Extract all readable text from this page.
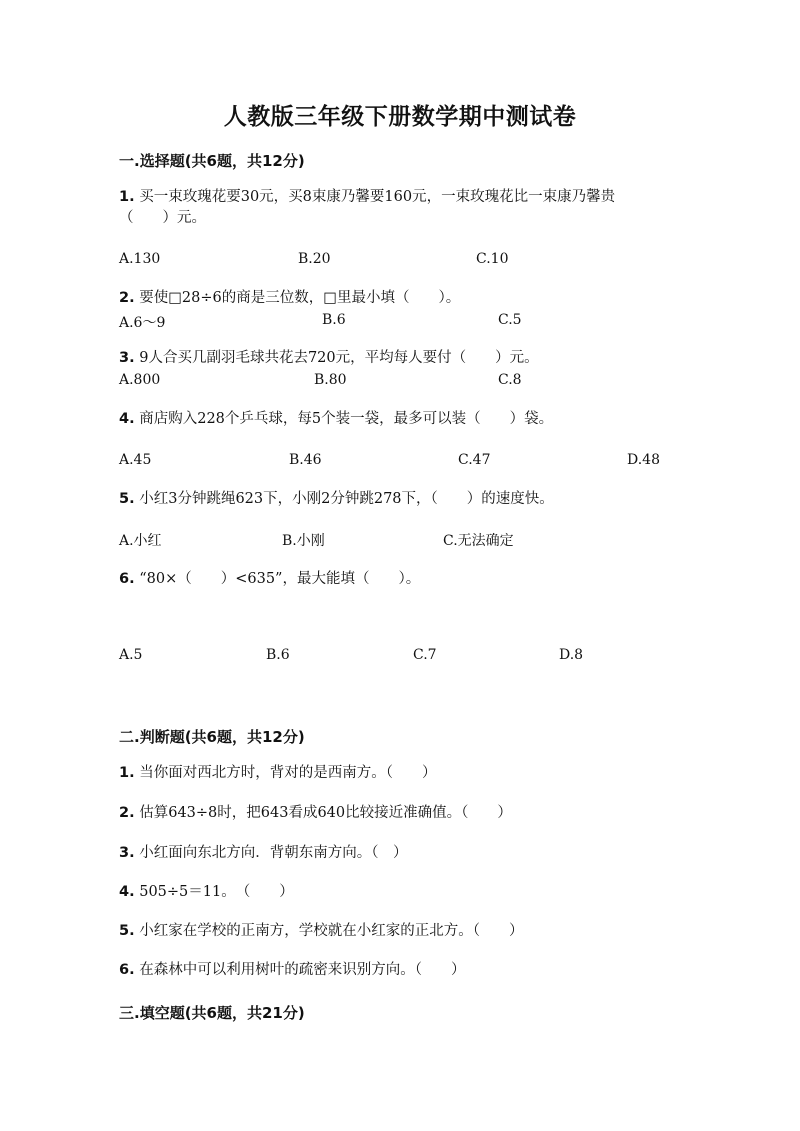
人教版三年级下册数学期中测试卷
一.选择题(共6题，共12分)
1. 买一束玫瑰花要30元，买8束康乃馨要160元，一束玫瑰花比一束康乃馨贵
（　　）元。
A.130	B.20	C.10
2. 要使□28÷6的商是三位数，□里最小填（　　）。
A.6～9	B.6	C.5
3. 9人合买几副羽毛球共花去720元，平均每人要付（　　）元。
A.800	B.80	C.8
4. 商店购入228个乒乓球，每5个装一袋，最多可以装（　　）袋。
A.45	B.46	C.47	D.48
5. 小红3分钟跳绳623下，小刚2分钟跳278下，（　　）的速度快。
A.小红	B.小刚	C.无法确定
6. “80×（　　）<635”，最大能填（　　）。
A.5	B.6	C.7	D.8
二.判断题(共6题，共12分)
1. 当你面对西北方时，背对的是西南方。（　　）
2. 估算643÷8时，把643看成640比较接近准确值。（　　）
3. 小红面向东北方向．背朝东南方向。（　）
4. 505÷5＝11。　（　　）
5. 小红家在学校的正南方，学校就在小红家的正北方。（　　）
6. 在森林中可以利用树叶的疏密来识别方向。（　　）
三.填空题(共6题，共21分)
